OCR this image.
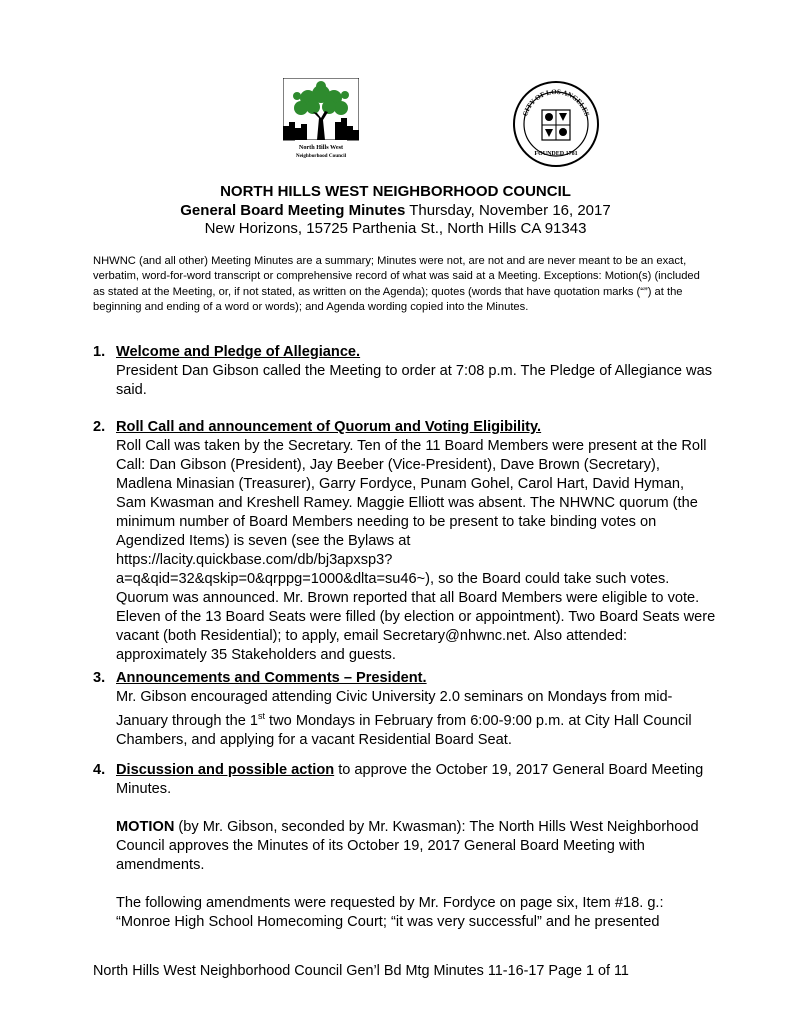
North Hills West
Neighborhood Council
CITY OF LOS ANGELES
FOUNDED 1781
NORTH HILLS WEST NEIGHBORHOOD COUNCIL
General Board Meeting Minutes Thursday, November 16, 2017
New Horizons, 15725 Parthenia St., North Hills CA 91343
NHWNC (and all other) Meeting Minutes are a summary; Minutes were not, are not and are never meant to be an exact, verbatim, word-for-word transcript or comprehensive record of what was said at a Meeting. Exceptions: Motion(s) (included as stated at the Meeting, or, if not stated, as written on the Agenda); quotes (words that have quotation marks (“”) at the beginning and ending of a word or words); and Agenda wording copied into the Minutes.
1. Welcome and Pledge of Allegiance.
President Dan Gibson called the Meeting to order at 7:08 p.m. The Pledge of Allegiance was said.
2. Roll Call and announcement of Quorum and Voting Eligibility.

Roll Call was taken by the Secretary. Ten of the 11 Board Members were present at the Roll Call: Dan Gibson (President), Jay Beeber (Vice-President), Dave Brown (Secretary), Madlena Minasian (Treasurer), Garry Fordyce, Punam Gohel, Carol Hart, David Hyman, Sam Kwasman and Kreshell Ramey. Maggie Elliott was absent. The NHWNC quorum (the minimum number of Board Members needing to be present to take binding votes on Agendized Items) is seven (see the Bylaws at

https://lacity.quickbase.com/db/bj3apxsp3?

a=q&qid=32&qskip=0&qrppg=1000&dlta=su46~), so the Board could take such votes. Quorum was announced. Mr. Brown reported that all Board Members were eligible to vote. Eleven of the 13 Board Seats were filled (by election or appointment). Two Board Seats were vacant (both Residential); to apply, email Secretary@nhwnc.net. Also attended: approximately 35 Stakeholders and guests.

3. Announcements and Comments – President.
Mr. Gibson encouraged attending Civic University 2.0 seminars on Mondays from mid-January through the 1st two Mondays in February from 6:00-9:00 p.m. at City Hall Council Chambers, and applying for a vacant Residential Board Seat.
4. Discussion and possible action to approve the October 19, 2017 General Board Meeting Minutes.
MOTION (by Mr. Gibson, seconded by Mr. Kwasman): The North Hills West Neighborhood Council approves the Minutes of its October 19, 2017 General Board Meeting with amendments.
The following amendments were requested by Mr. Fordyce on page six, Item #18. g.: “Monroe High School Homecoming Court; “it was very successful” and he presented
North Hills West Neighborhood Council Gen’l Bd Mtg Minutes 11-16-17 Page 1 of 11
